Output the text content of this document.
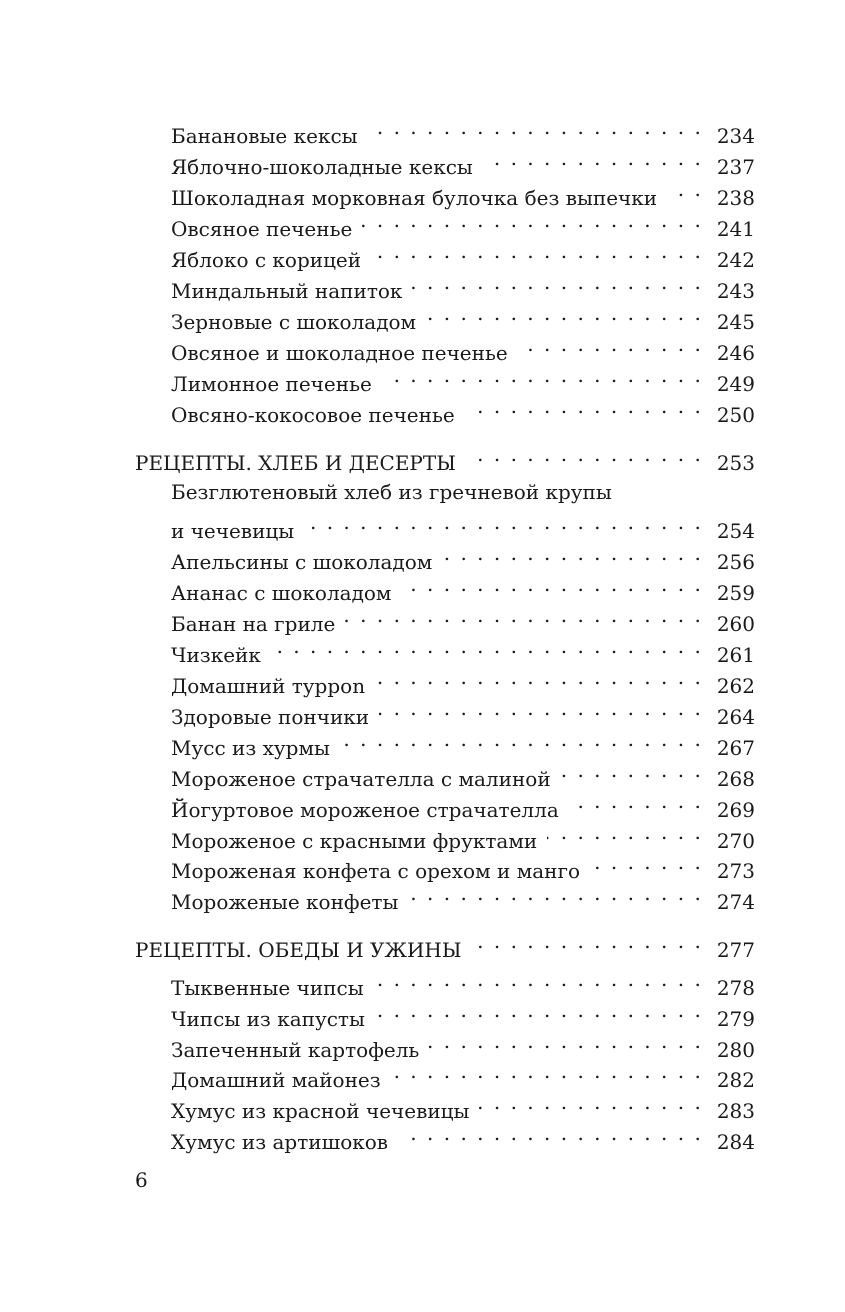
Банановые кексы . . .	234
Яблочно-шоколадные кексы . . .	237
Шоколадная морковная булочка без выпечки . . .	238
Овсяное печенье . . .	241
Яблоко с корицей . . .	242
Миндальный напиток . . .	243
Зерновые с шоколадом . . .	245
Овсяное и шоколадное печенье . . .	246
Лимонное печенье . . .	249
Овсяно-кокосовое печенье . . .	250
РЕЦЕПТЫ. ХЛЕБ И ДЕСЕРТЫ . . .	253
Безглютеновый хлеб из гречневой крупы
и чечевицы . . .	254
Апельсины с шоколадом . . .	256
Ананас с шоколадом . . .	259
Банан на гриле . . .	260
Чизкейк . . .	261
Домашний турроn . . .	262
Здоровые пончики . . .	264
Мусс из хурмы . . .	267
Мороженое страчателла с малиной . . .	268
Йогуртовое мороженое страчателла . . .	269
Мороженое с красными фруктами . . .	270
Мороженая конфета с орехом и манго . . .	273
Мороженые конфеты . . .	274
РЕЦЕПТЫ. ОБЕДЫ И УЖИНЫ . . .	277
Тыквенные чипсы . . .	278
Чипсы из капусты . . .	279
Запеченный картофель . . .	280
Домашний майонез . . .	282
Хумус из красной чечевицы . . .	283
Хумус из артишоков . . .	284
6
